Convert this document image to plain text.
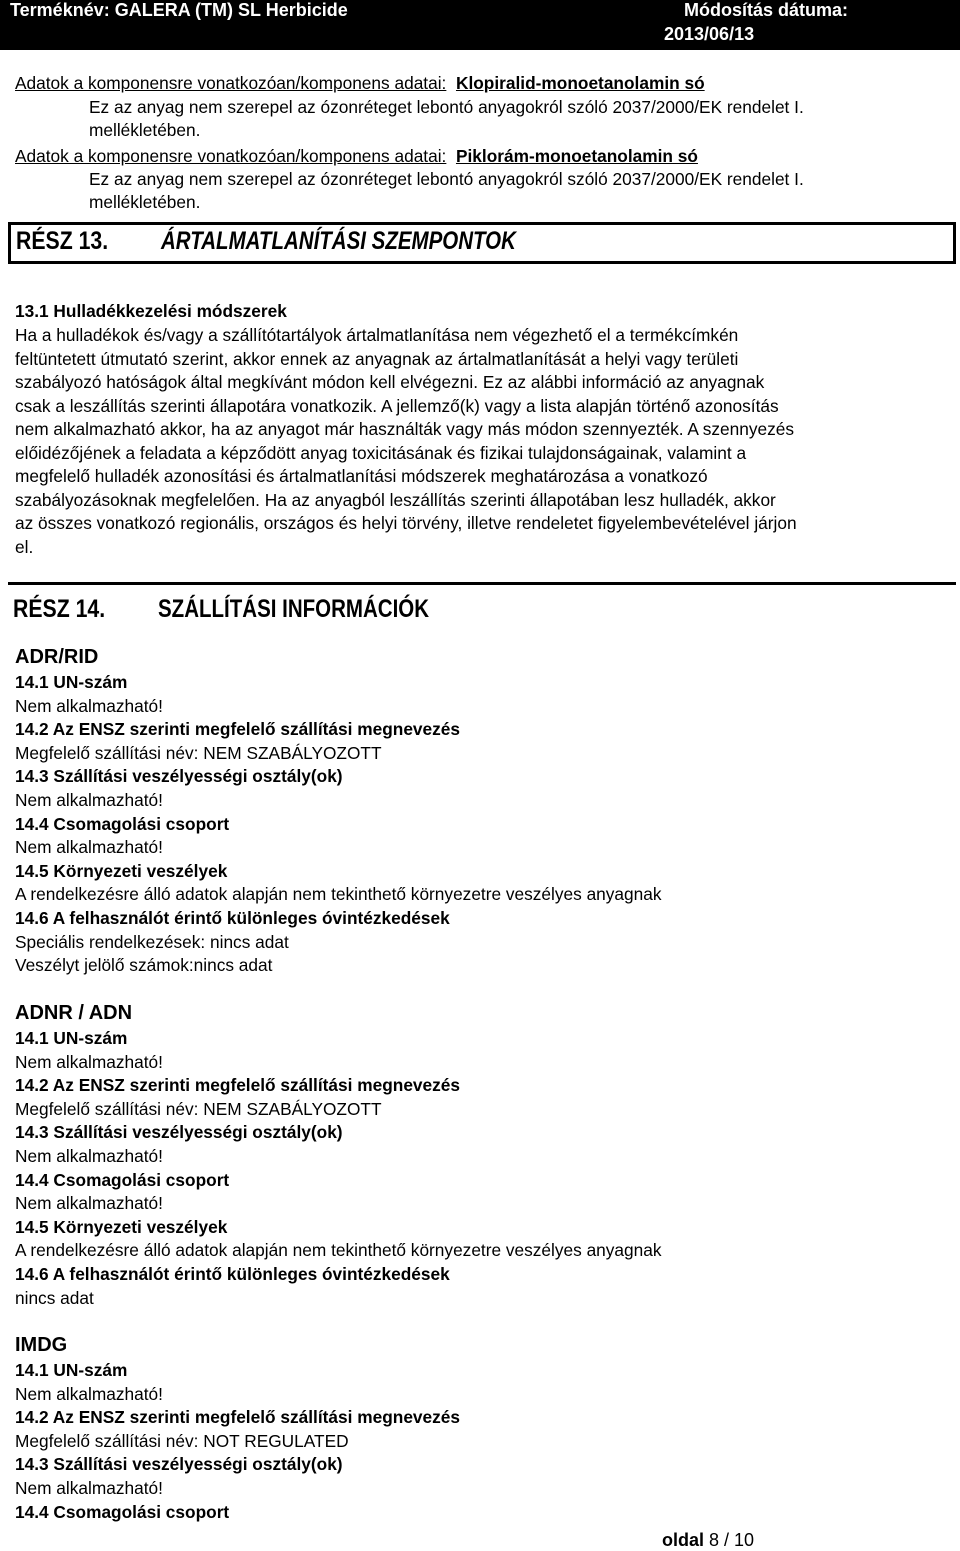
Terméknév: GALERA (TM) SL Herbicide	Módosítás dátuma:
2013/06/13
Adatok a komponensre vonatkozóan/komponens adatai: Klopiralid-monoetanolamin só
Ez az anyag nem szerepel az ózonréteget lebontó anyagokról szóló 2037/2000/EK rendelet I.
mellékletében.
Adatok a komponensre vonatkozóan/komponens adatai: Piklorám-monoetanolamin só
Ez az anyag nem szerepel az ózonréteget lebontó anyagokról szóló 2037/2000/EK rendelet I.
mellékletében.
RÉSZ 13. ÁRTALMATLANÍTÁSI SZEMPONTOK
13.1 Hulladékkezelési módszerek
Ha a hulladékok és/vagy a szállítótartályok ártalmatlanítása nem végezhető el a termékcímkén
feltüntetett útmutató szerint, akkor ennek az anyagnak az ártalmatlanítását a helyi vagy területi
szabályozó hatóságok által megkívánt módon kell elvégezni. Ez az alábbi információ az anyagnak
csak a leszállítás szerinti állapotára vonatkozik. A jellemző(k) vagy a lista alapján történő azonosítás
nem alkalmazható akkor, ha az anyagot már használták vagy más módon szennyezték. A szennyezés
előidézőjének a feladata a képződött anyag toxicitásának és fizikai tulajdonságainak, valamint a
megfelelő hulladék azonosítási és ártalmatlanítási módszerek meghatározása a vonatkozó
szabályozásoknak megfelelően. Ha az anyagból leszállítás szerinti állapotában lesz hulladék, akkor
az összes vonatkozó regionális, országos és helyi törvény, illetve rendeletet figyelembevételével járjon
el.
RÉSZ 14. SZÁLLÍTÁSI INFORMÁCIÓK
ADR/RID
14.1 UN-szám
Nem alkalmazható!
14.2 Az ENSZ szerinti megfelelő szállítási megnevezés
Megfelelő szállítási név: NEM SZABÁLYOZOTT
14.3 Szállítási veszélyességi osztály(ok)
Nem alkalmazható!
14.4 Csomagolási csoport
Nem alkalmazható!
14.5 Környezeti veszélyek
A rendelkezésre álló adatok alapján nem tekinthető környezetre veszélyes anyagnak
14.6 A felhasználót érintő különleges óvintézkedések
Speciális rendelkezések: nincs adat
Veszélyt jelölő számok:nincs adat
ADNR / ADN
14.1 UN-szám
Nem alkalmazható!
14.2 Az ENSZ szerinti megfelelő szállítási megnevezés
Megfelelő szállítási név: NEM SZABÁLYOZOTT
14.3 Szállítási veszélyességi osztály(ok)
Nem alkalmazható!
14.4 Csomagolási csoport
Nem alkalmazható!
14.5 Környezeti veszélyek
A rendelkezésre álló adatok alapján nem tekinthető környezetre veszélyes anyagnak
14.6 A felhasználót érintő különleges óvintézkedések
nincs adat
IMDG
14.1 UN-szám
Nem alkalmazható!
14.2 Az ENSZ szerinti megfelelő szállítási megnevezés
Megfelelő szállítási név: NOT REGULATED
14.3 Szállítási veszélyességi osztály(ok)
Nem alkalmazható!
14.4 Csomagolási csoport
oldal 8 / 10
